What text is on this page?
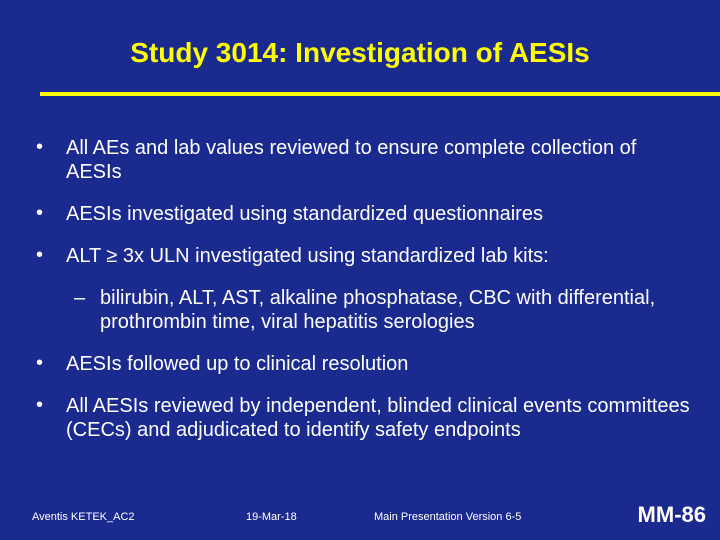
Study 3014: Investigation of AESIs
• All AEs and lab values reviewed to ensure complete collection of AESIs
• AESIs investigated using standardized questionnaires
• ALT ≥ 3x ULN investigated using standardized lab kits:
– bilirubin, ALT, AST, alkaline phosphatase, CBC with differential, prothrombin time, viral hepatitis serologies
• AESIs followed up to clinical resolution
• All AESIs reviewed by independent, blinded clinical events committees (CECs) and adjudicated to identify safety endpoints
Aventis KETEK_AC2	19-Mar-18	Main Presentation Version 6-5	MM-86
